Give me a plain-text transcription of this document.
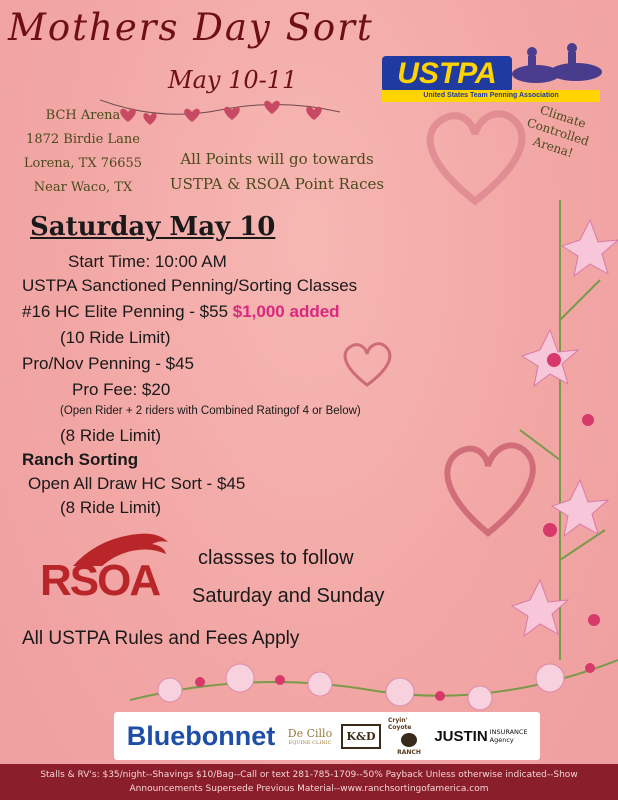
Mothers Day Sort
May 10-11	USTPA
United States Team Penning Association
BCH Arena
1872 Birdie Lane
Lorena, TX 76655
Near Waco, TX
Climate Controlled Arena!
All Points will go towards
USTPA & RSOA Point Races
Saturday May 10
Start Time: 10:00 AM
USTPA Sanctioned Penning/Sorting Classes
#16 HC Elite Penning - $55 $1,000 added
(10 Ride Limit)
Pro/Nov Penning - $45
Pro Fee: $20
(Open Rider + 2 riders with Combined Ratingof 4 or Below)
(8 Ride Limit)
Ranch Sorting
Open All Draw HC Sort - $45
(8 Ride Limit)
RSOA classses to follow
Saturday and Sunday
All USTPA Rules and Fees Apply
Bluebonnet	De Cillo
EQUINE CLINIC	K&D
Cryin' Coyote
RANCH
JUSTIN INSURANCE Agency
Stalls & RV's: $35/night--Shavings $10/Bag--Call or text 281-785-1709--50% Payback Unless otherwise indicated--Show
Announcements Supersede Previous Material--www.ranchsortingofamerica.com
